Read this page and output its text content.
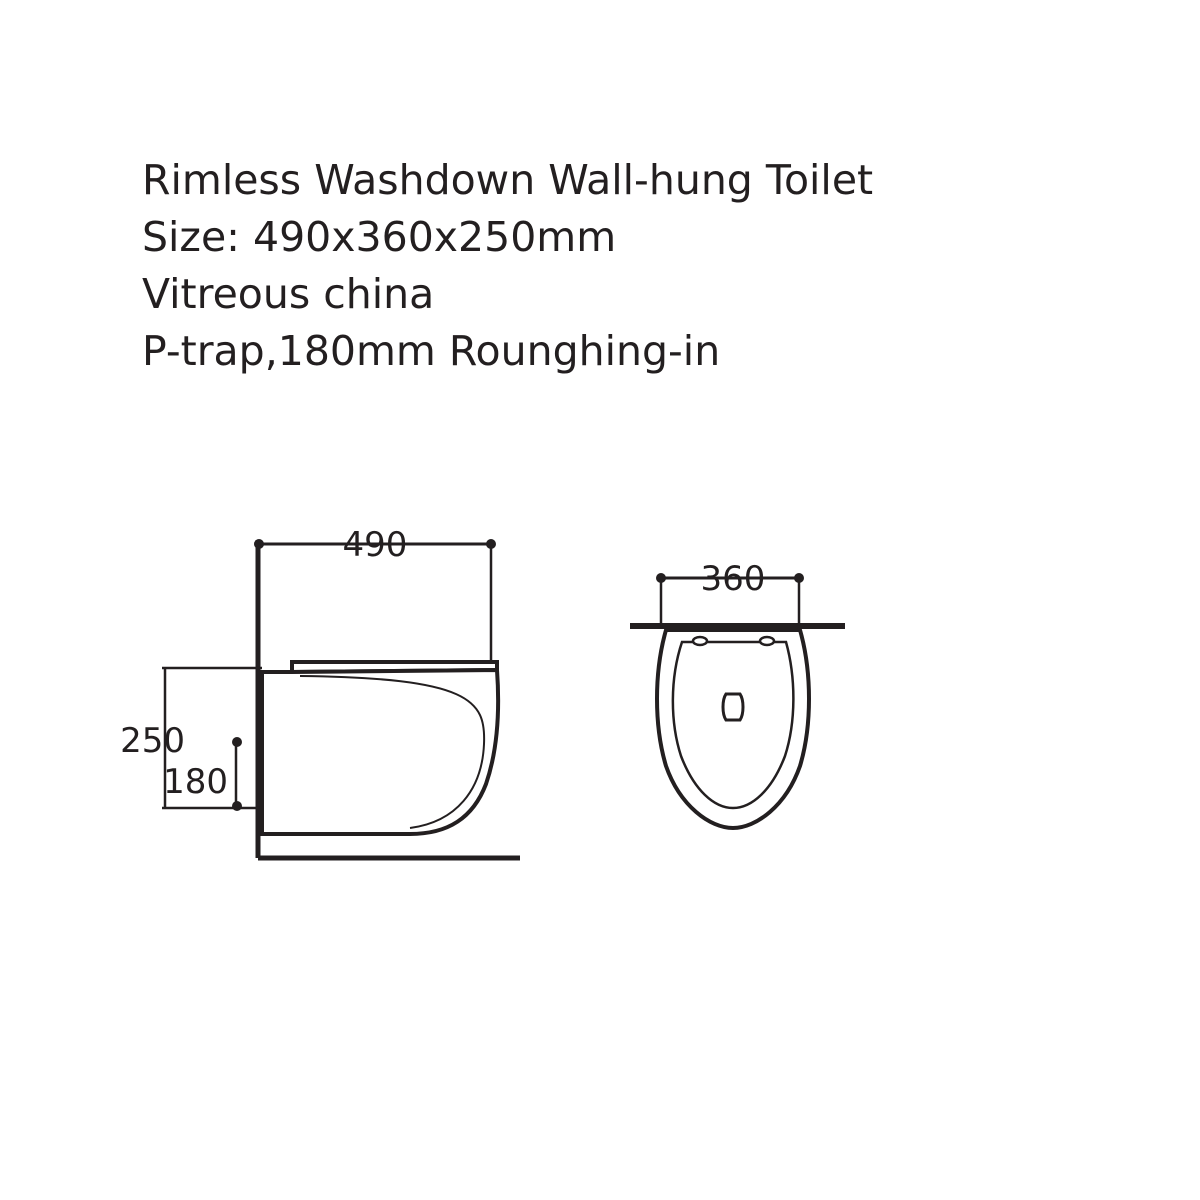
Rimless Washdown Wall-hung Toilet
Size: 490x360x250mm
Vitreous china
P-trap,180mm Rounghing-in
490
250
180
360
